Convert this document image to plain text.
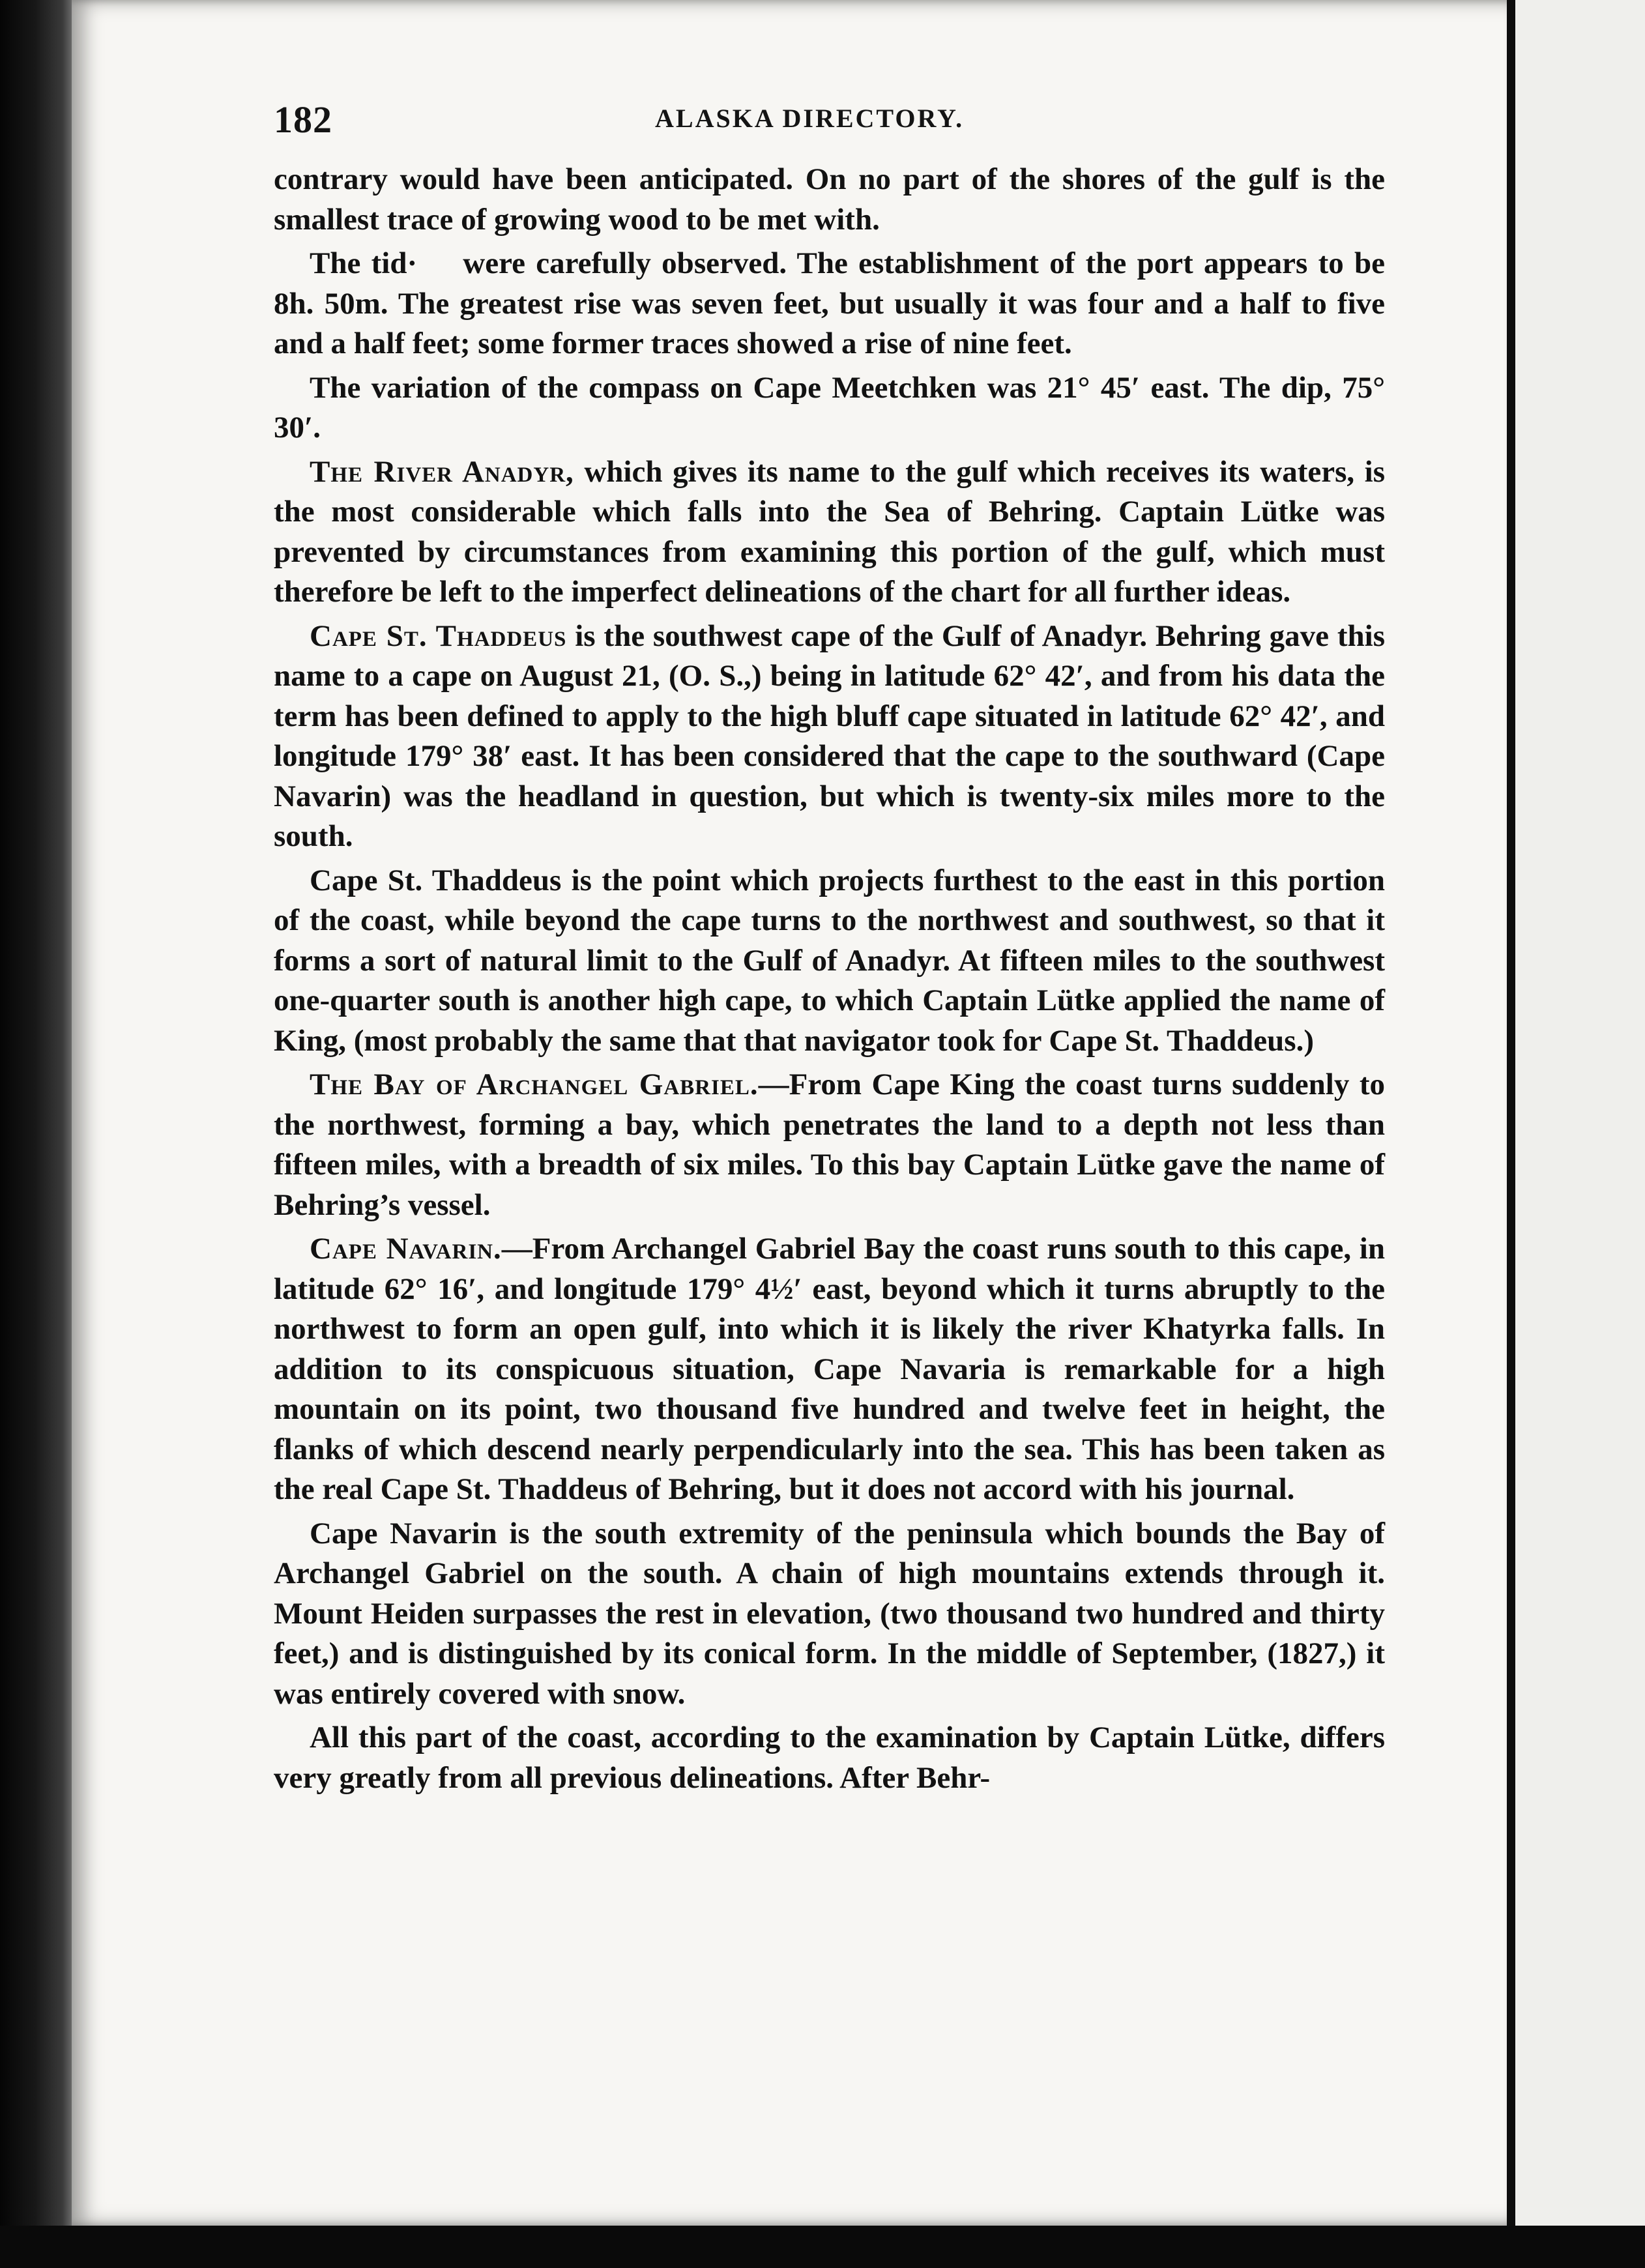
182	ALASKA DIRECTORY.

contrary would have been anticipated. On no part of the shores of the gulf is the smallest trace of growing wood to be met with.

The tid·  were carefully observed. The establishment of the port appears to be 8h. 50m. The greatest rise was seven feet, but usually it was four and a half to five and a half feet; some former traces showed a rise of nine feet.

The variation of the compass on Cape Meetchken was 21° 45′ east. The dip, 75° 30′.

The River Anadyr, which gives its name to the gulf which receives its waters, is the most considerable which falls into the Sea of Behring. Captain Lütke was prevented by circumstances from examining this portion of the gulf, which must therefore be left to the imperfect delineations of the chart for all further ideas.

Cape St. Thaddeus is the southwest cape of the Gulf of Anadyr. Behring gave this name to a cape on August 21, (O. S.,) being in latitude 62° 42′, and from his data the term has been defined to apply to the high bluff cape situated in latitude 62° 42′, and longitude 179° 38′ east. It has been considered that the cape to the southward (Cape Navarin) was the headland in question, but which is twenty-six miles more to the south.

Cape St. Thaddeus is the point which projects furthest to the east in this portion of the coast, while beyond the cape turns to the northwest and southwest, so that it forms a sort of natural limit to the Gulf of Anadyr. At fifteen miles to the southwest one-quarter south is another high cape, to which Captain Lütke applied the name of King, (most probably the same that that navigator took for Cape St. Thaddeus.)

The Bay of Archangel Gabriel.—From Cape King the coast turns suddenly to the northwest, forming a bay, which penetrates the land to a depth not less than fifteen miles, with a breadth of six miles. To this bay Captain Lütke gave the name of Behring’s vessel.

Cape Navarin.—From Archangel Gabriel Bay the coast runs south to this cape, in latitude 62° 16′, and longitude 179° 4½′ east, beyond which it turns abruptly to the northwest to form an open gulf, into which it is likely the river Khatyrka falls. In addition to its conspicuous situation, Cape Navaria is remarkable for a high mountain on its point, two thousand five hundred and twelve feet in height, the flanks of which descend nearly perpendicularly into the sea. This has been taken as the real Cape St. Thaddeus of Behring, but it does not accord with his journal.

Cape Navarin is the south extremity of the peninsula which bounds the Bay of Archangel Gabriel on the south. A chain of high mountains extends through it. Mount Heiden surpasses the rest in elevation, (two thousand two hundred and thirty feet,) and is distinguished by its conical form. In the middle of September, (1827,) it was entirely covered with snow.

All this part of the coast, according to the examination by Captain Lütke, differs very greatly from all previous delineations. After Behr-
